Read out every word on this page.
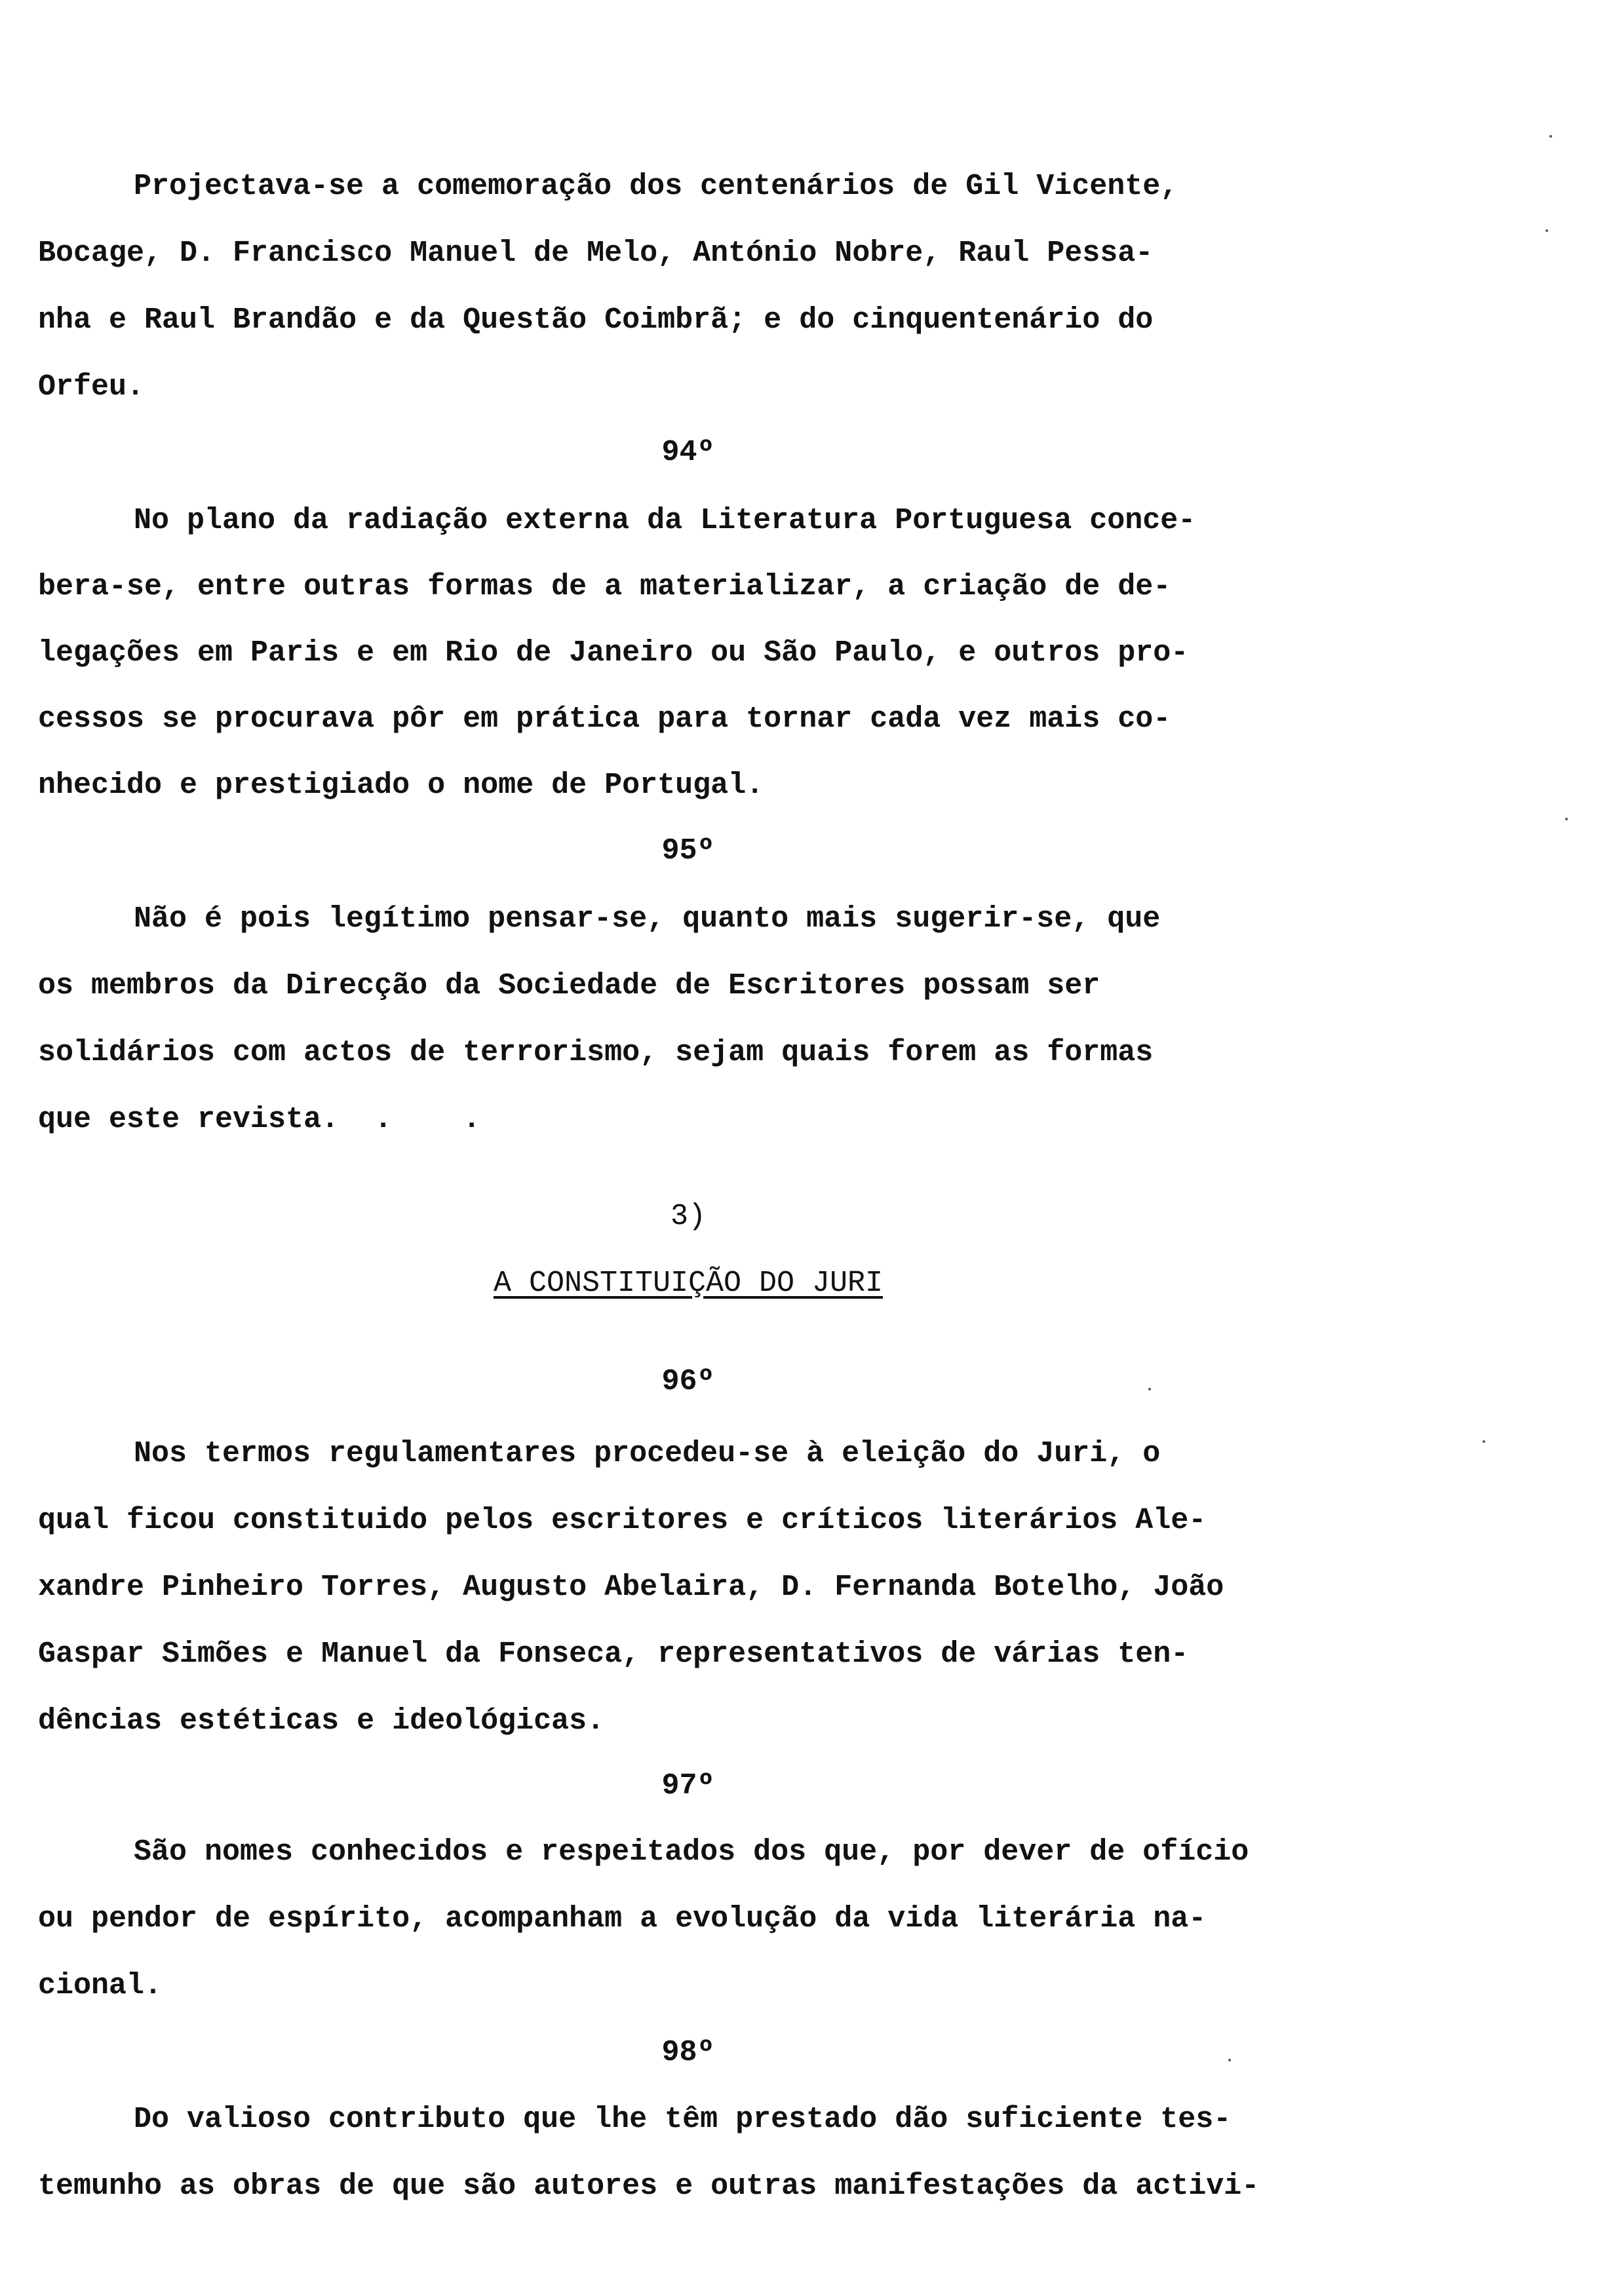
Projectava-se a comemoração dos centenários de Gil Vicente,
Bocage, D. Francisco Manuel de Melo, António Nobre, Raul Pessa-
nha e Raul Brandão e da Questão Coimbrã; e do cinquentenário do
Orfeu.
94º
No plano da radiação externa da Literatura Portuguesa conce-
bera-se, entre outras formas de a materializar, a criação de de-
legações em Paris e em Rio de Janeiro ou São Paulo, e outros pro-
cessos se procurava pôr em prática para tornar cada vez mais co-
nhecido e prestigiado o nome de Portugal.
95º
Não é pois legítimo pensar-se, quanto mais sugerir-se, que
os membros da Direcção da Sociedade de Escritores possam ser
solidários com actos de terrorismo, sejam quais forem as formas
que este revista.  .    .
3)
A CONSTITUIÇÃO DO JURI
96º
Nos termos regulamentares procedeu-se à eleição do Juri, o
qual ficou constituido pelos escritores e críticos literários Ale-
xandre Pinheiro Torres, Augusto Abelaira, D. Fernanda Botelho, João
Gaspar Simões e Manuel da Fonseca, representativos de várias ten-
dências estéticas e ideológicas.
97º
São nomes conhecidos e respeitados dos que, por dever de ofício
ou pendor de espírito, acompanham a evolução da vida literária na-
cional.
98º
Do valioso contributo que lhe têm prestado dão suficiente tes-
temunho as obras de que são autores e outras manifestações da activi-
